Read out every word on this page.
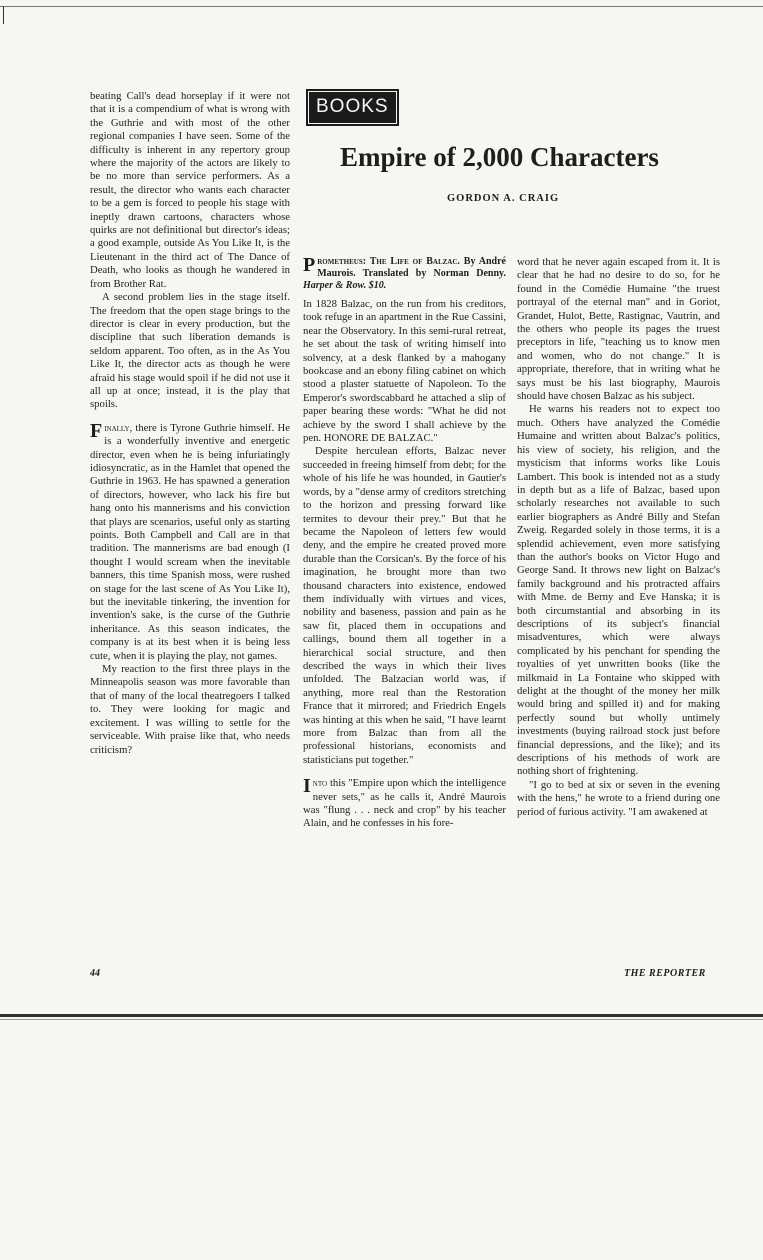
beating Call's dead horseplay if it were not that it is a compendium of what is wrong with the Guthrie and with most of the other regional companies I have seen. Some of the difficulty is inherent in any repertory group where the majority of the actors are likely to be no more than service performers. As a result, the director who wants each character to be a gem is forced to people his stage with ineptly drawn cartoons, characters whose quirks are not definitional but director's ideas; a good example, outside As You Like It, is the Lieutenant in the third act of The Dance of Death, who looks as though he wandered in from Brother Rat.

A second problem lies in the stage itself. The freedom that the open stage brings to the director is clear in every production, but the discipline that such liberation demands is seldom apparent. Too often, as in the As You Like It, the director acts as though he were afraid his stage would spoil if he did not use it all up at once; instead, it is the play that spoils.

Finally, there is Tyrone Guthrie himself. He is a wonderfully inventive and energetic director, even when he is being infuriatingly idiosyncratic, as in the Hamlet that opened the Guthrie in 1963. He has spawned a generation of directors, however, who lack his fire but hang onto his mannerisms and his conviction that plays are scenarios, useful only as starting points. Both Campbell and Call are in that tradition. The mannerisms are bad enough (I thought I would scream when the inevitable banners, this time Spanish moss, were rushed on stage for the last scene of As You Like It), but the inevitable tinkering, the invention for invention's sake, is the curse of the Guthrie inheritance. As this season indicates, the company is at its best when it is being less cute, when it is playing the play, not games.

My reaction to the first three plays in the Minneapolis season was more favorable than that of many of the local theatregoers I talked to. They were looking for magic and excitement. I was willing to settle for the serviceable. With praise like that, who needs criticism?

BOOKS
Empire of 2,000 Characters
GORDON A. CRAIG

Prometheus: The Life of Balzac. By André Maurois. Translated by Norman Denny. Harper & Row. $10.

In 1828 Balzac, on the run from his creditors, took refuge in an apartment in the Rue Cassini, near the Observatory. In this semi-rural retreat, he set about the task of writing himself into solvency, at a desk flanked by a mahogany bookcase and an ebony filing cabinet on which stood a plaster statuette of Napoleon. To the Emperor's swordscabbard he attached a slip of paper bearing these words: "What he did not achieve by the sword I shall achieve by the pen. HONORE DE BALZAC."

Despite herculean efforts, Balzac never succeeded in freeing himself from debt; for the whole of his life he was hounded, in Gautier's words, by a "dense army of creditors stretching to the horizon and pressing forward like termites to devour their prey." But that he became the Napoleon of letters few would deny, and the empire he created proved more durable than the Corsican's. By the force of his imagination, he brought more than two thousand characters into existence, endowed them individually with virtues and vices, nobility and baseness, passion and pain as he saw fit, placed them in occupations and callings, bound them all together in a hierarchical social structure, and then described the ways in which their lives unfolded. The Balzacian world was, if anything, more real than the Restoration France that it mirrored; and Friedrich Engels was hinting at this when he said, "I have learnt more from Balzac than from all the professional historians, economists and statisticians put together."

Into this "Empire upon which the intelligence never sets," as he calls it, André Maurois was "flung . . . neck and crop" by his teacher Alain, and he confesses in his fore-

word that he never again escaped from it. It is clear that he had no desire to do so, for he found in the Comédie Humaine "the truest portrayal of the eternal man" and in Goriot, Grandet, Hulot, Bette, Rastignac, Vautrin, and the others who people its pages the truest preceptors in life, "teaching us to know men and women, who do not change." It is appropriate, therefore, that in writing what he says must be his last biography, Maurois should have chosen Balzac as his subject.

He warns his readers not to expect too much. Others have analyzed the Comédie Humaine and written about Balzac's politics, his view of society, his religion, and the mysticism that informs works like Louis Lambert. This book is intended not as a study in depth but as a life of Balzac, based upon scholarly researches not available to such earlier biographers as André Billy and Stefan Zweig. Regarded solely in those terms, it is a splendid achievement, even more satisfying than the author's books on Victor Hugo and George Sand. It throws new light on Balzac's family background and his protracted affairs with Mme. de Berny and Eve Hanska; it is both circumstantial and absorbing in its descriptions of its subject's financial misadventures, which were always complicated by his penchant for spending the royalties of yet unwritten books (like the milkmaid in La Fontaine who skipped with delight at the thought of the money her milk would bring and spilled it) and for making perfectly sound but wholly untimely investments (buying railroad stock just before financial depressions, and the like); and its descriptions of his methods of work are nothing short of frightening.

"I go to bed at six or seven in the evening with the hens," he wrote to a friend during one period of furious activity. "I am awakened at

44	THE REPORTER
